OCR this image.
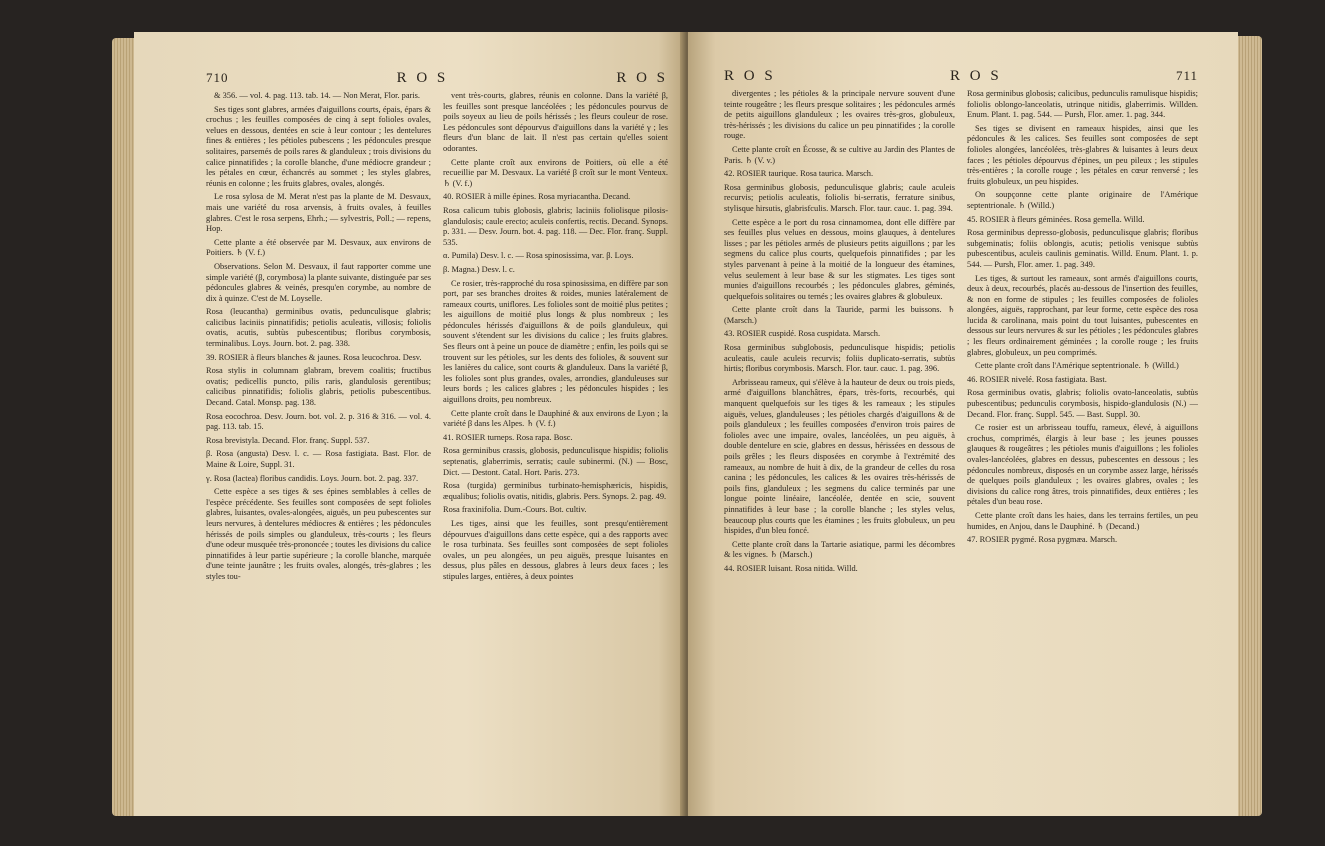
710	R O S	R O S

& 356. — vol. 4. pag. 113. tab. 14. — Non Merat, Flor. paris.

Ses tiges sont glabres, armées d'aiguillons courts, épais, épars & crochus ; les feuilles composées de cinq à sept folioles ovales, velues en dessous, dentées en scie à leur contour ; les dentelures fines & entières ; les pétioles pubescens ; les pédoncules presque solitaires, parsemés de poils rares & glanduleux ; trois divisions du calice pinnatifides ; la corolle blanche, d'une médiocre grandeur ; les pétales en cœur, échancrés au sommet ; les styles glabres, réunis en colonne ; les fruits glabres, ovales, alongés.

Le rosa sylosa de M. Merat n'est pas la plante de M. Desvaux, mais une variété du rosa arvensis, à fruits ovales, à feuilles glabres. C'est le rosa serpens, Ehrh.; — sylvestris, Poll.; — repens, Hop.

Cette plante a été observée par M. Desvaux, aux environs de Poitiers. ♄ (V. f.)

Observations. Selon M. Desvaux, il faut rapporter comme une simple variété (β, corymbosa) la plante suivante, distinguée par ses pédoncules glabres & veinés, presqu'en corymbe, au nombre de dix à quinze. C'est de M. Loyselle.

Rosa (leucantha) germinibus ovatis, pedunculisque glabris; calicibus laciniis pinnatifidis; petiolis aculeatis, villosis; foliolis ovatis, acutis, subtùs pubescentibus; floribus corymbosis, terminalibus. Loys. Journ. bot. 2. pag. 338.

39. ROSIER à fleurs blanches & jaunes. Rosa leucochroa. Desv.

Rosa stylis in columnam glabram, brevem coalitis; fructibus ovatis; pedicellis puncto, pilis raris, glandulosis gerentibus; calicibus pinnatifidis; foliolis glabris, petiolis pubescentibus. Decand. Catal. Monsp. pag. 138.

Rosa eocochroa. Desv. Journ. bot. vol. 2. p. 316 & 316. — vol. 4. pag. 113. tab. 15.

Rosa brevistyla. Decand. Flor. franç. Suppl. 537.

β. Rosa (angusta) Desv. l. c. — Rosa fastigiata. Bast. Flor. de Maine & Loire, Suppl. 31.

γ. Rosa (lactea) floribus candidis. Loys. Journ. bot. 2. pag. 337.

Cette espèce a ses tiges & ses épines semblables à celles de l'espèce précédente. Ses feuilles sont composées de sept folioles glabres, luisantes, ovales-alongées, aiguës, un peu pubescentes sur leurs nervures, à dentelures médiocres & entières ; les pédoncules hérissés de poils simples ou glanduleux, très-courts ; les fleurs d'une odeur musquée très-prononcée ; toutes les divisions du calice pinnatifides à leur partie supérieure ; la corolle blanche, marquée d'une teinte jaunâtre ; les fruits ovales, alongés, très-glabres ; les styles tou-

vent très-courts, glabres, réunis en colonne. Dans la variété β, les feuilles sont presque lancéolées ; les pédoncules pourvus de poils soyeux au lieu de poils hérissés ; les fleurs couleur de rose. Les pédoncules sont dépourvus d'aiguillons dans la variété γ ; les fleurs d'un blanc de lait. Il n'est pas certain qu'elles soient odorantes.

Cette plante croît aux environs de Poitiers, où elle a été recueillie par M. Desvaux. La variété β croît sur le mont Venteux. ♄ (V. f.)

40. ROSIER à mille épines. Rosa myriacantha. Decand.

Rosa calicum tubis globosis, glabris; laciniis foliolisque pilosis-glandulosis; caule erecto; aculeis confertis, rectis. Decand. Synops. p. 331. — Desv. Journ. bot. 4. pag. 118. — Dec. Flor. franç. Suppl. 535.

α. Pumila) Desv. l. c. — Rosa spinosissima, var. β. Loys.

β. Magna.) Desv. l. c.

Ce rosier, très-rapproché du rosa spinosissima, en diffère par son port, par ses branches droites & roides, munies latéralement de rameaux courts, uniflores. Les folioles sont de moitié plus petites ; les aiguillons de moitié plus longs & plus nombreux ; les pédoncules hérissés d'aiguillons & de poils glanduleux, qui souvent s'étendent sur les divisions du calice ; les fruits glabres. Ses fleurs ont à peine un pouce de diamètre ; enfin, les poils qui se trouvent sur les pétioles, sur les dents des folioles, & souvent sur les lanières du calice, sont courts & glanduleux. Dans la variété β, les folioles sont plus grandes, ovales, arrondies, glanduleuses sur leurs bords ; les calices glabres ; les pédoncules hispides ; les aiguillons droits, peu nombreux.

Cette plante croît dans le Dauphiné & aux environs de Lyon ; la variété β dans les Alpes. ♄ (V. f.)

41. ROSIER turneps. Rosa rapa. Bosc.

Rosa germinibus crassis, globosis, pedunculisque hispidis; foliolis septenatis, glaberrimis, serratis; caule subinermi. (N.) — Bosc, Dict. — Destont. Catal. Hort. Paris. 273.

Rosa (turgida) germinibus turbinato-hemisphæricis, hispidis, æqualibus; foliolis ovatis, nitidis, glabris. Pers. Synops. 2. pag. 49.

Rosa fraxinifolia. Dum.-Cours. Bot. cultiv.

Les tiges, ainsi que les feuilles, sont presqu'entièrement dépourvues d'aiguillons dans cette espèce, qui a des rapports avec le rosa turbinata. Ses feuilles sont composées de sept folioles ovales, un peu alongées, un peu aiguës, presque luisantes en dessus, plus pâles en dessous, glabres à leurs deux faces ; les stipules larges, entières, à deux pointes

R O S	R O S	711

divergentes ; les pétioles & la principale nervure souvent d'une teinte rougeâtre ; les fleurs presque solitaires ; les pédoncules armés de petits aiguillons glanduleux ; les ovaires très-gros, globuleux, très-hérissés ; les divisions du calice un peu pinnatifides ; la corolle rouge.

Cette plante croît en Écosse, & se cultive au Jardin des Plantes de Paris. ♄ (V. v.)

42. ROSIER taurique. Rosa taurica. Marsch.

Rosa germinibus globosis, pedunculisque glabris; caule aculeis recurvis; petiolis aculeatis, foliolis bi-serratis, ferrature sinibus, stylisque hirsutis, glabrisfculis. Marsch. Flor. taur. cauc. 1. pag. 394.

Cette espèce a le port du rosa cinnamomea, dont elle diffère par ses feuilles plus velues en dessous, moins glauques, à dentelures lisses ; par les pétioles armés de plusieurs petits aiguillons ; par les segmens du calice plus courts, quelquefois pinnatifides ; par les styles parvenant à peine à la moitié de la longueur des étamines, velus seulement à leur base & sur les stigmates. Les tiges sont munies d'aiguillons recourbés ; les pédoncules glabres, géminés, quelquefois solitaires ou ternés ; les ovaires glabres & globuleux.

Cette plante croît dans la Tauride, parmi les buissons. ♄ (Marsch.)

43. ROSIER cuspidé. Rosa cuspidata. Marsch.

Rosa germinibus subglobosis, pedunculisque hispidis; petiolis aculeatis, caule aculeis recurvis; foliis duplicato-serratis, subtùs hirtis; floribus corymbosis. Marsch. Flor. taur. cauc. 1. pag. 396.

Arbrisseau rameux, qui s'élève à la hauteur de deux ou trois pieds, armé d'aiguillons blanchâtres, épars, très-forts, recourbés, qui manquent quelquefois sur les tiges & les rameaux ; les stipules aiguës, velues, glanduleuses ; les pétioles chargés d'aiguillons & de poils glanduleux ; les feuilles composées d'environ trois paires de folioles avec une impaire, ovales, lancéolées, un peu aiguës, à double dentelure en scie, glabres en dessus, hérissées en dessous de poils grêles ; les fleurs disposées en corymbe à l'extrémité des rameaux, au nombre de huit à dix, de la grandeur de celles du rosa canina ; les pédoncules, les calices & les ovaires très-hérissés de poils fins, glanduleux ; les segmens du calice terminés par une longue pointe linéaire, lancéolée, dentée en scie, souvent pinnatifides à leur base ; la corolle blanche ; les styles velus, beaucoup plus courts que les étamines ; les fruits globuleux, un peu hispides, d'un bleu foncé.

Cette plante croît dans la Tartarie asiatique, parmi les décombres & les vignes. ♄ (Marsch.)

44. ROSIER luisant. Rosa nitida. Willd.

Rosa germinibus globosis; calicibus, pedunculis ramulisque hispidis; foliolis oblongo-lanceolatis, utrinque nitidis, glaberrimis. Willden. Enum. Plant. 1. pag. 544. — Pursh, Flor. amer. 1. pag. 344.

Ses tiges se divisent en rameaux hispides, ainsi que les pédoncules & les calices. Ses feuilles sont composées de sept folioles alongées, lancéolées, très-glabres & luisantes à leurs deux faces ; les pétioles dépourvus d'épines, un peu pileux ; les stipules très-entières ; la corolle rouge ; les pétales en cœur renversé ; les fruits globuleux, un peu hispides.

On soupçonne cette plante originaire de l'Amérique septentrionale. ♄ (Willd.)

45. ROSIER à fleurs géminées. Rosa gemella. Willd.

Rosa germinibus depresso-globosis, pedunculisque glabris; floribus subgeminatis; foliis oblongis, acutis; petiolis venisque subtùs pubescentibus, aculeis caulinis geminatis. Willd. Enum. Plant. 1. p. 544. — Pursh, Flor. amer. 1. pag. 349.

Les tiges, & surtout les rameaux, sont armés d'aiguillons courts, deux à deux, recourbés, placés au-dessous de l'insertion des feuilles, & non en forme de stipules ; les feuilles composées de folioles alongées, aiguës, rapprochant, par leur forme, cette espèce des rosa lucida & carolinana, mais point du tout luisantes, pubescentes en dessous sur leurs nervures & sur les pétioles ; les pédoncules glabres ; les fleurs ordinairement géminées ; la corolle rouge ; les fruits glabres, globuleux, un peu comprimés.

Cette plante croît dans l'Amérique septentrionale. ♄ (Willd.)

46. ROSIER nivelé. Rosa fastigiata. Bast.

Rosa germinibus ovatis, glabris; foliolis ovato-lanceolatis, subtùs pubescentibus; pedunculis corymbosis, hispido-glandulosis (N.) — Decand. Flor. franç. Suppl. 545. — Bast. Suppl. 30.

Ce rosier est un arbrisseau touffu, rameux, élevé, à aiguillons crochus, comprimés, élargis à leur base ; les jeunes pousses glauques & rougeâtres ; les pétioles munis d'aiguillons ; les folioles ovales-lancéolées, glabres en dessus, pubescentes en dessous ; les pédoncules nombreux, disposés en un corymbe assez large, hérissés de quelques poils glanduleux ; les ovaires glabres, ovales ; les divisions du calice rong âtres, trois pinnatifides, deux entières ; les pétales d'un beau rose.

Cette plante croît dans les haies, dans les terrains fertiles, un peu humides, en Anjou, dans le Dauphiné. ♄ (Decand.)

47. ROSIER pygmé. Rosa pygmæa. Marsch.
